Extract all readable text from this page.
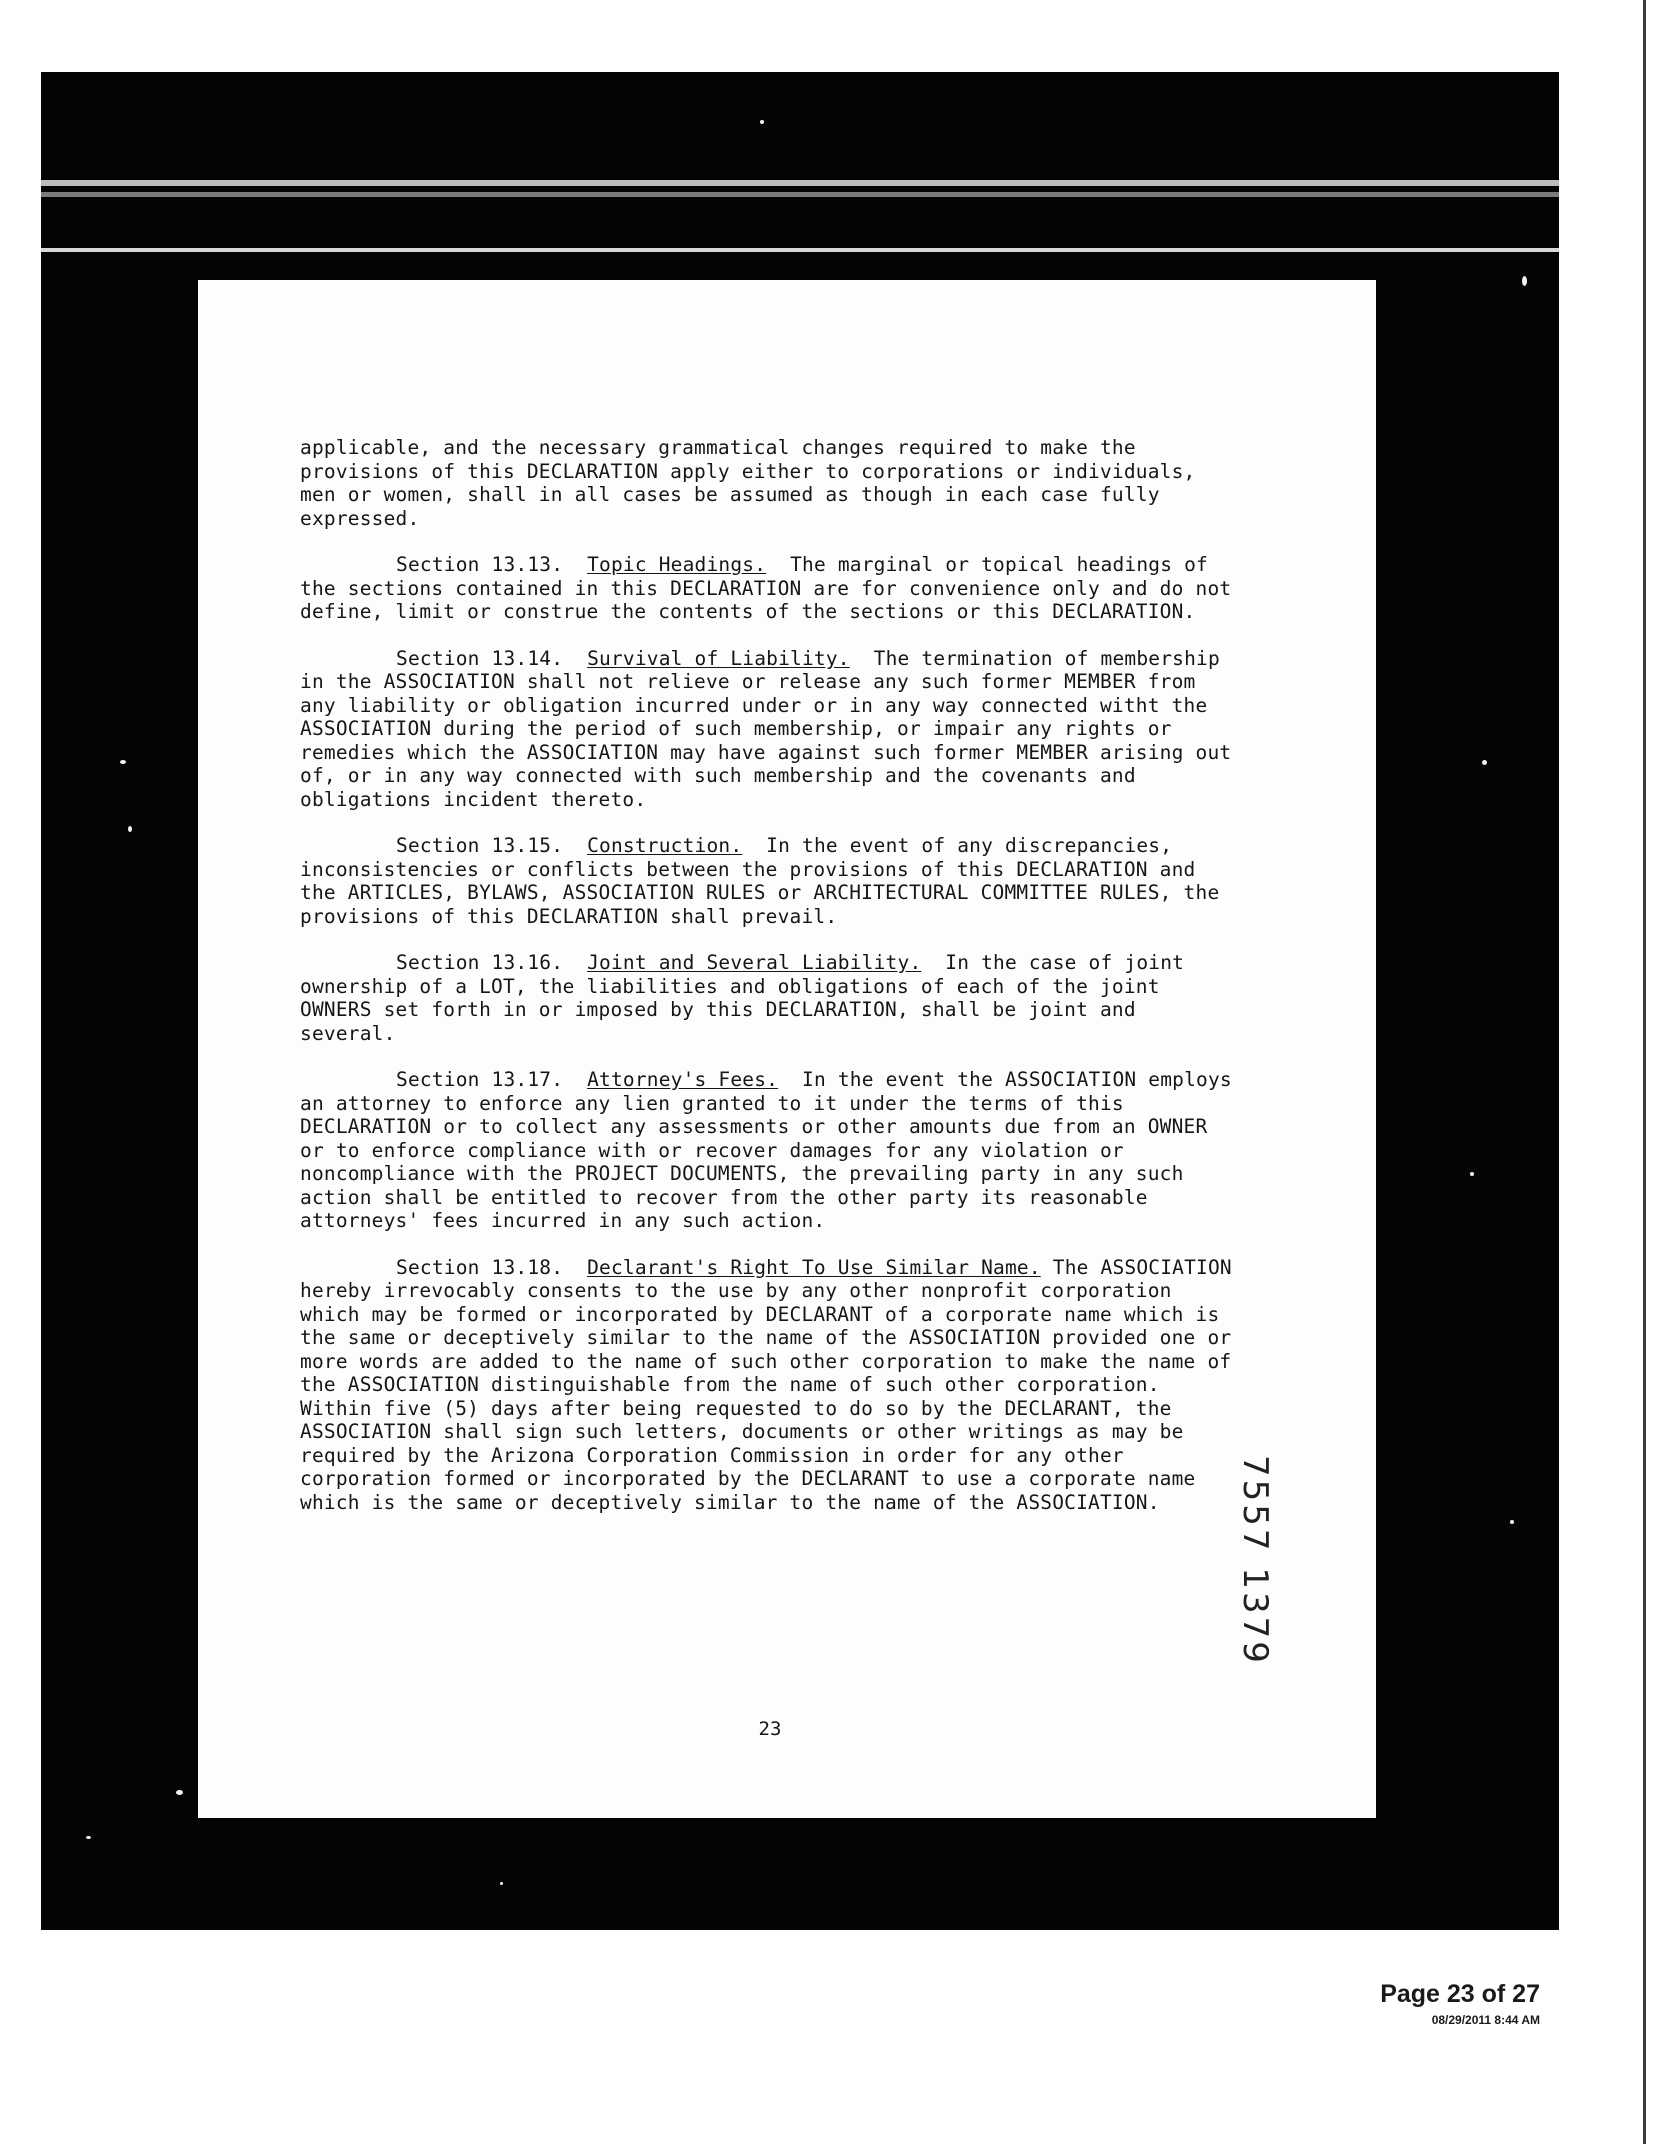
applicable, and the necessary grammatical changes required to make the provisions of this DECLARATION apply either to corporations or individuals, men or women, shall in all cases be assumed as though in each case fully expressed.

Section 13.13. Topic Headings. The marginal or topical headings of the sections contained in this DECLARATION are for convenience only and do not define, limit or construe the contents of the sections or this DECLARATION.

Section 13.14. Survival of Liability. The termination of membership in the ASSOCIATION shall not relieve or release any such former MEMBER from any liability or obligation incurred under or in any way connected witht the ASSOCIATION during the period of such membership, or impair any rights or remedies which the ASSOCIATION may have against such former MEMBER arising out of, or in any way connected with such membership and the covenants and obligations incident thereto.

Section 13.15. Construction. In the event of any discrepancies, inconsistencies or conflicts between the provisions of this DECLARATION and the ARTICLES, BYLAWS, ASSOCIATION RULES or ARCHITECTURAL COMMITTEE RULES, the provisions of this DECLARATION shall prevail.

Section 13.16. Joint and Several Liability. In the case of joint ownership of a LOT, the liabilities and obligations of each of the joint OWNERS set forth in or imposed by this DECLARATION, shall be joint and several.

Section 13.17. Attorney's Fees. In the event the ASSOCIATION employs an attorney to enforce any lien granted to it under the terms of this DECLARATION or to collect any assessments or other amounts due from an OWNER or to enforce compliance with or recover damages for any violation or noncompliance with the PROJECT DOCUMENTS, the prevailing party in any such action shall be entitled to recover from the other party its reasonable attorneys' fees incurred in any such action.

Section 13.18. Declarant's Right To Use Similar Name. The ASSOCIATION hereby irrevocably consents to the use by any other nonprofit corporation which may be formed or incorporated by DECLARANT of a corporate name which is the same or deceptively similar to the name of the ASSOCIATION provided one or more words are added to the name of such other corporation to make the name of the ASSOCIATION distinguishable from the name of such other corporation. Within five (5) days after being requested to do so by the DECLARANT, the ASSOCIATION shall sign such letters, documents or other writings as may be required by the Arizona Corporation Commission in order for any other corporation formed or incorporated by the DECLARANT to use a corporate name which is the same or deceptively similar to the name of the ASSOCIATION.	7557 1379
23
Page 23 of 27
08/29/2011 8:44 AM
